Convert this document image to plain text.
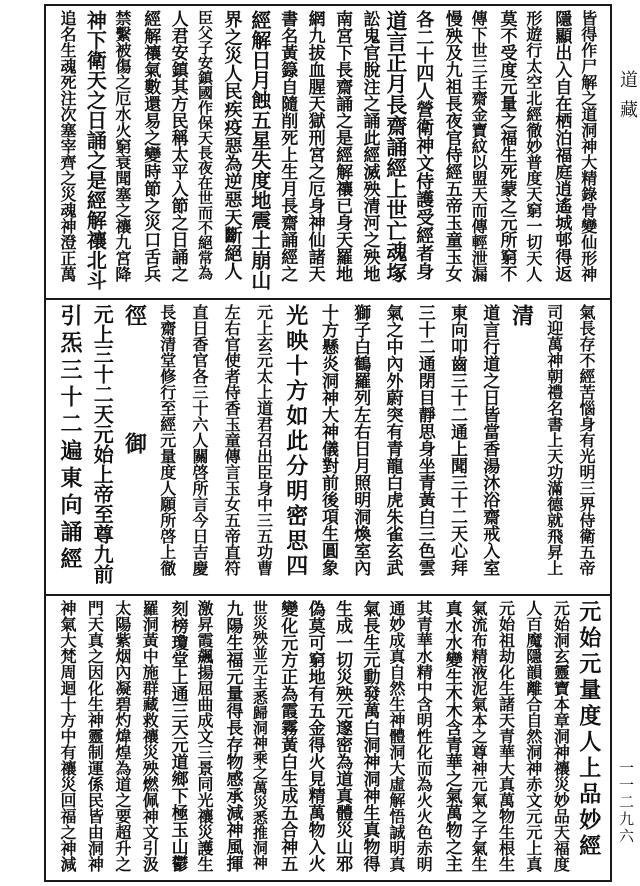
道藏
一一二九六
皆得作尸解之道洞神大精錄骨變仙形神
隱顯出入自在栖泊福庭逍遙城邨得返
形遊行太空北經徹妙普度天窮一切天人
莫不受度元量之福生死蒙之元所窮不
傳下世三壬齋金寶紋以盟天而傳輕泄漏
慢殃及九祖長夜官侍經五帝玉童玉女
各二十四人營衛神文侍護受經者身
道言正月長齋誦經上世亡魂塚
訟鬼官脫注之誦此經滅殃清河之殃地
南宮下長齋誦之是經解禳已身天羅地
網九拔血腥天獄刑宮之厄身神仙諸天
書名黃籙自隨削死上生月長齋誦經之
經解日月蝕五星失度地震土崩山
界之災人民疾疫惡為逆惡天斷絕人
臣父子安鎮國作保天長夜在世而不絕常為
人君安鎮其方民稱太平入節之日誦之
經解禳氣數還易之變時節之災口舌兵
禁繫被傷之厄水火窮衰聞塞之禳九宮降
神下衛天之日誦之是經解禳北斗
追名生魂死注次塞宰齊之災魂神澄正萬
氣長存不經苦惱身有光明三界侍衛五帝
司迎萬神朝禮名書上天功滿德就飛昇上
清
道言行道之日皆當香湯沐浴齋戒入室
東向叩齒三十二通上聞三十二天心拜
三十二通閉目靜思身坐青黃白三色雲
氣之中內外蔚突有青龍白虎朱雀玄武
獅子白鶴羅列左右日月照明洞煥室內
十方懸炎洞神大神儀對前後項生圓象
光映十方如此分明密思四
元上玄元太上道君召出臣身中三五功曹
左右官使者侍香玉童傳言玉女五帝直符
直日香官各三十六人關啓所言今日吉慶
長齋清堂修行至經元量度人願所啓上徹
徑御
元上三十二天元始上帝至尊九前
引炁三十二遍東向誦經
元始元量度人上品妙經
元始洞玄靈寶本章洞神禳災妙品天福度
人百魔隱韻離合自然洞神赤文元元上真
元始祖劫化生諸天青華大真萬物生根生
氣流布精液泥氣本之尊神元氣之子氣生
真水水變生木木含青華之氣萬物之主
其青華水精中含明性化而為火火色赤明
通妙成真自然生神體洞大虛解悟誠明真
氣長生元動發萬白洞神洞神生真物得
生成一切災殃元邃密為道真體災山邪
偽莫可窮地有五金得火見精萬物入火
變化元方正為霞霧黃白生成五合神五
世災殃並元主悉歸洞神乘之萬災悉推洞神
九陽生福元量得長存物感承減神風揮
激昇霞飆揚屈曲成文三景同光禳災護生
刻榜瓊堂上通三天元道鄉下極玉山鬱
羅洞黃中施群藏救禳災殃燃佩神文引汲
太陽紫烟內凝碧灼煒煌為道之要超升之
門天真之因化生神靈制運係民皆由洞神
神氣大梵周迴十方中有禳災回福之神減
